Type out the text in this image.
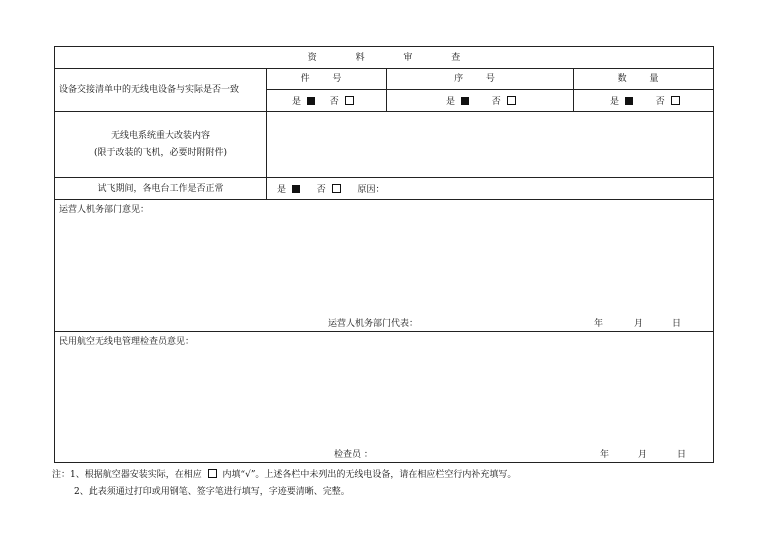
资 料 审 查
设备交接清单中的无线电设备与实际是否一致
件 号	序 号	数 量
是	否	是	否	是	否
无线电系统重大改装内容
(限于改装的飞机，必要时附附件)
试飞期间，各电台工作是否正常	是	否	原因：
运营人机务部门意见：
运营人机务部门代表：	年	月	日
民用航空无线电管理检查员意见：
检查员 ：	年	月	日
注：1、根据航空器安装实际，在相应 内填“√”。上述各栏中未列出的无线电设备，请在相应栏空行内补充填写。
2、此表须通过打印或用钢笔、签字笔进行填写，字迹要清晰、完整。
